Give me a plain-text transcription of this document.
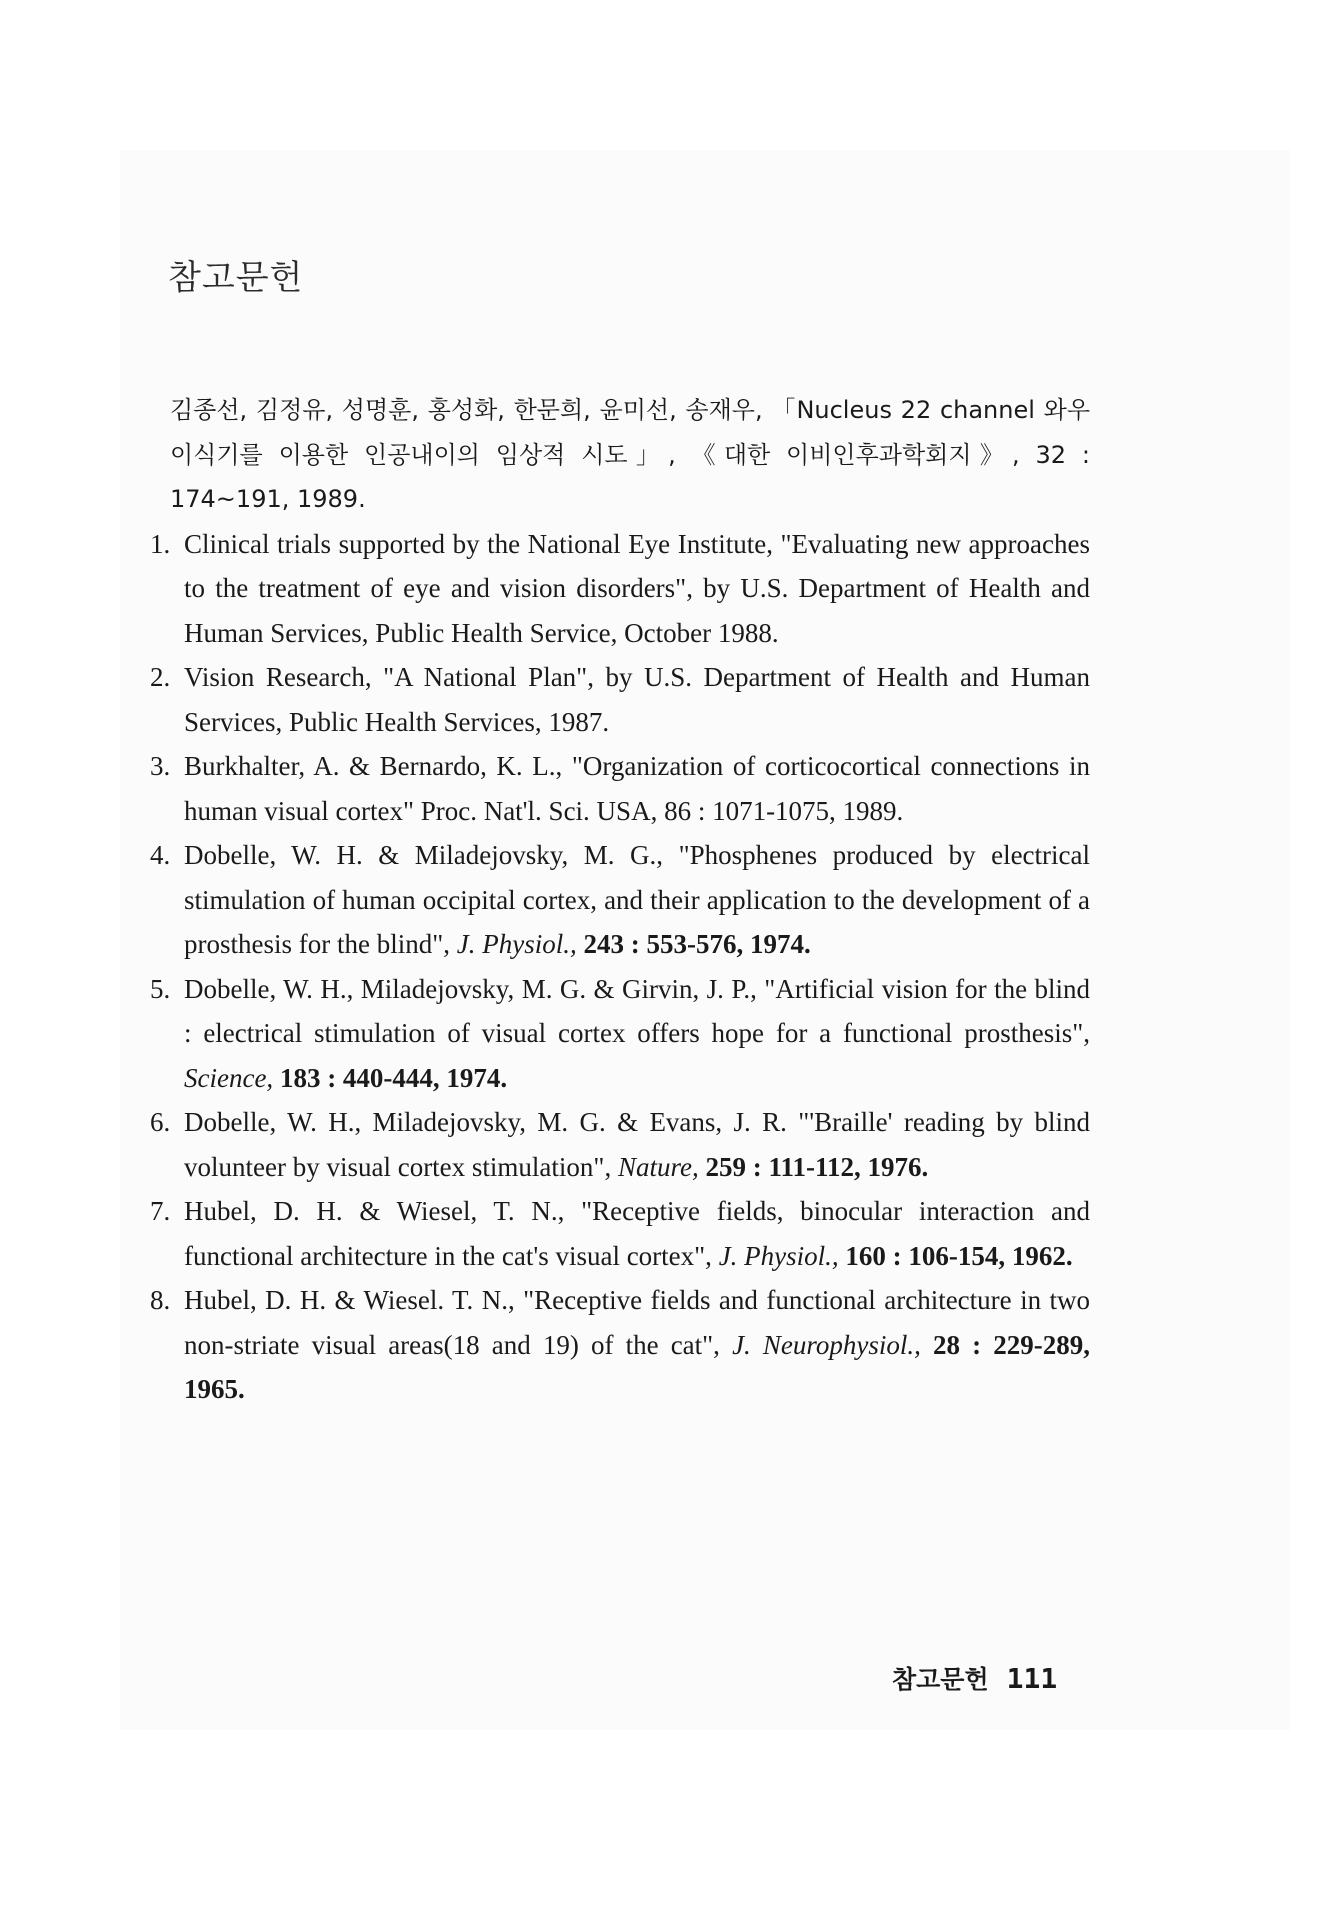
참고문헌

김종선, 김정유, 성명훈, 홍성화, 한문희, 윤미선, 송재우, 「Nucleus 22 channel 와우 이식기를 이용한 인공내이의 임상적 시도」, 《대한 이비인후과학회지》, 32 : 174~191, 1989.

1. Clinical trials supported by the National Eye Institute, "Evaluating new approaches to the treatment of eye and vision disorders", by U.S. Department of Health and Human Services, Public Health Service, October 1988.

2. Vision Research, "A National Plan", by U.S. Department of Health and Human Services, Public Health Services, 1987.

3. Burkhalter, A. & Bernardo, K. L., "Organization of corticocortical connections in human visual cortex" Proc. Nat'l. Sci. USA, 86 : 1071-1075, 1989.

4. Dobelle, W. H. & Miladejovsky, M. G., "Phosphenes produced by electrical stimulation of human occipital cortex, and their application to the development of a prosthesis for the blind", J. Physiol., 243 : 553-576, 1974.

5. Dobelle, W. H., Miladejovsky, M. G. & Girvin, J. P., "Artificial vision for the blind : electrical stimulation of visual cortex offers hope for a functional prosthesis", Science, 183 : 440-444, 1974.

6. Dobelle, W. H., Miladejovsky, M. G. & Evans, J. R. "'Braille' reading by blind volunteer by visual cortex stimulation", Nature, 259 : 111-112, 1976.

7. Hubel, D. H. & Wiesel, T. N., "Receptive fields, binocular interaction and functional architecture in the cat's visual cortex", J. Physiol., 160 : 106-154, 1962.

8. Hubel, D. H. & Wiesel. T. N., "Receptive fields and functional architecture in two non-striate visual areas(18 and 19) of the cat", J. Neurophysiol., 28 : 229-289, 1965.

참고문헌 111
